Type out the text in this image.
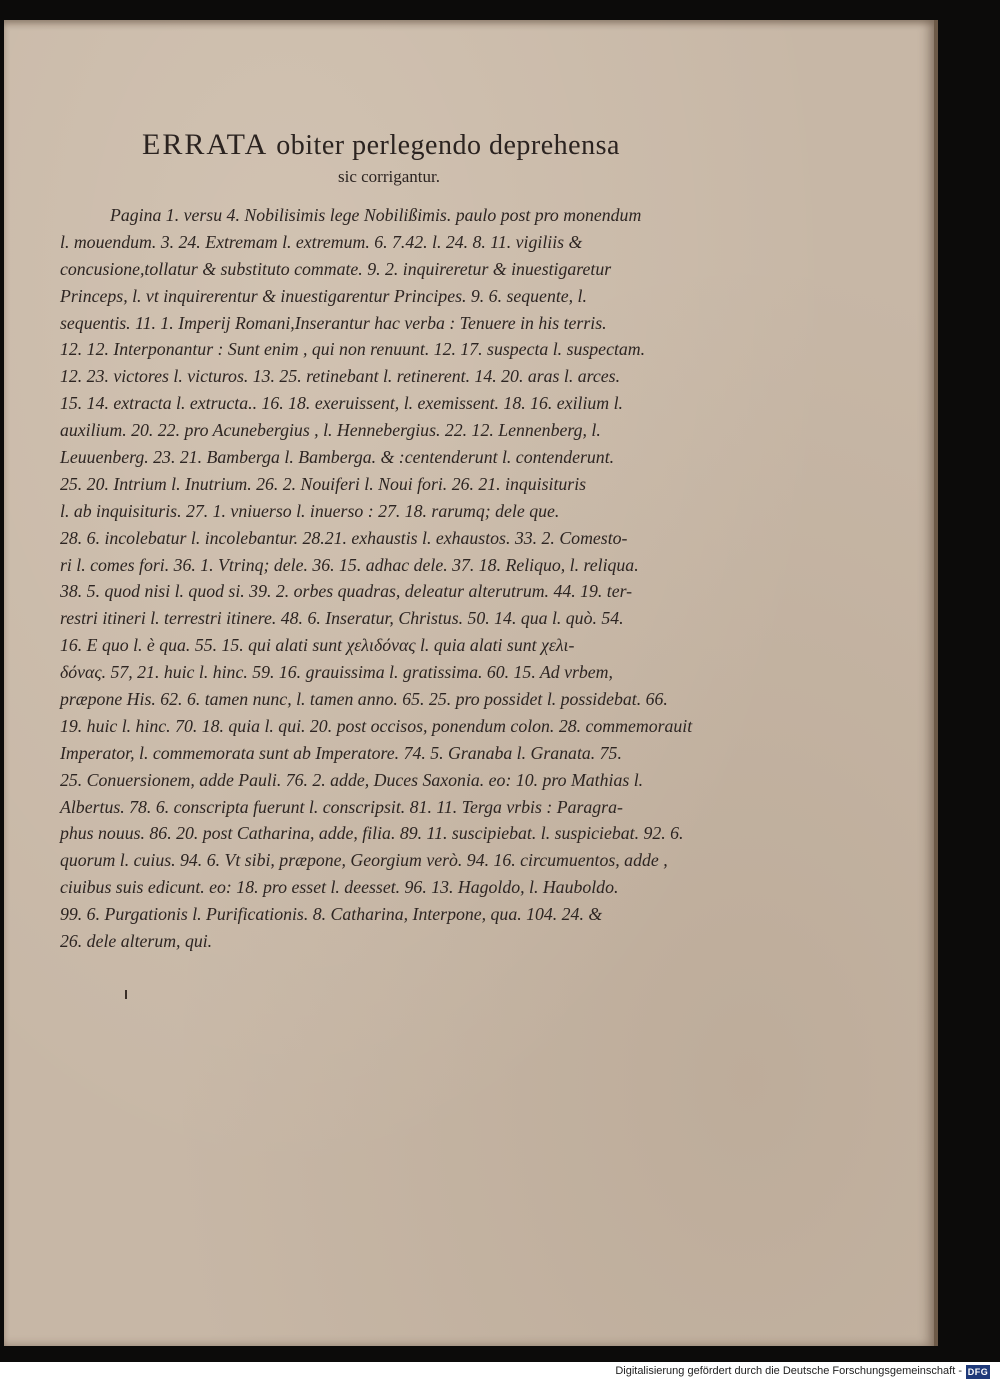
ERRATA obiter perlegendo deprehensa
sic corrigantur.
Pagina 1. versu 4. Nobilisimis lege Nobilißimis. paulo post pro monendum
l. mouendum. 3. 24. Extremam l. extremum. 6. 7.42. l. 24. 8. 11. vigiliis &
concusione,tollatur & substituto commate. 9. 2. inquireretur & inuestigaretur
Princeps, l. vt inquirerentur & inuestigarentur Principes. 9. 6. sequente, l.
sequentis. 11. 1. Imperij Romani,Inserantur hac verba : Tenuere in his terris.
12. 12. Interponantur : Sunt enim , qui non renuunt. 12. 17. suspecta l. suspectam.
12. 23. victores l. victuros. 13. 25. retinebant l. retinerent. 14. 20. aras l. arces.
15. 14. extracta l. extructa.. 16. 18. exeruissent, l. exemissent. 18. 16. exilium l.
auxilium. 20. 22. pro Acunebergius , l. Hennebergius. 22. 12. Lennenberg, l.
Leuuenberg. 23. 21. Bamberga l. Bamberga. & :centenderunt l. contenderunt.
25. 20. Intrium l. Inutrium. 26. 2. Nouiferi l. Noui fori. 26. 21. inquisituris
l. ab inquisituris. 27. 1. vniuerso l. inuerso : 27. 18. rarumq; dele que.
28. 6. incolebatur l. incolebantur. 28.21. exhaustis l. exhaustos. 33. 2. Comesto-
ri l. comes fori. 36. 1. Vtrinq; dele. 36. 15. adhac dele. 37. 18. Reliquo, l. reliqua.
38. 5. quod nisi l. quod si. 39. 2. orbes quadras, deleatur alterutrum. 44. 19. ter-
restri itineri l. terrestri itinere. 48. 6. Inseratur, Christus. 50. 14. qua l. quò. 54.
16. E quo l. è qua. 55. 15. qui alati sunt χελιδόνας l. quia alati sunt χελι-
δόνας. 57, 21. huic l. hinc. 59. 16. grauissima l. gratissima. 60. 15. Ad vrbem,
præpone His. 62. 6. tamen nunc, l. tamen anno. 65. 25. pro possidet l. possidebat. 66.
19. huic l. hinc. 70. 18. quia l. qui. 20. post occisos, ponendum colon. 28. commemorauit
Imperator, l. commemorata sunt ab Imperatore. 74. 5. Granaba l. Granata. 75.
25. Conuersionem, adde Pauli. 76. 2. adde, Duces Saxonia. eo: 10. pro Mathias l.
Albertus. 78. 6. conscripta fuerunt l. conscripsit. 81. 11. Terga vrbis : Paragra-
phus nouus. 86. 20. post Catharina, adde, filia. 89. 11. suscipiebat. l. suspiciebat. 92. 6.
quorum l. cuius. 94. 6. Vt sibi, præpone, Georgium verò. 94. 16. circumuentos, adde ,
ciuibus suis edicunt. eo: 18. pro esset l. deesset. 96. 13. Hagoldo, l. Hauboldo.
99. 6. Purgationis l. Purificationis. 8. Catharina, Interpone, qua. 104. 24. &
26. dele alterum, qui.
Digitalisierung gefördert durch die Deutsche Forschungsgemeinschaft - DFG
